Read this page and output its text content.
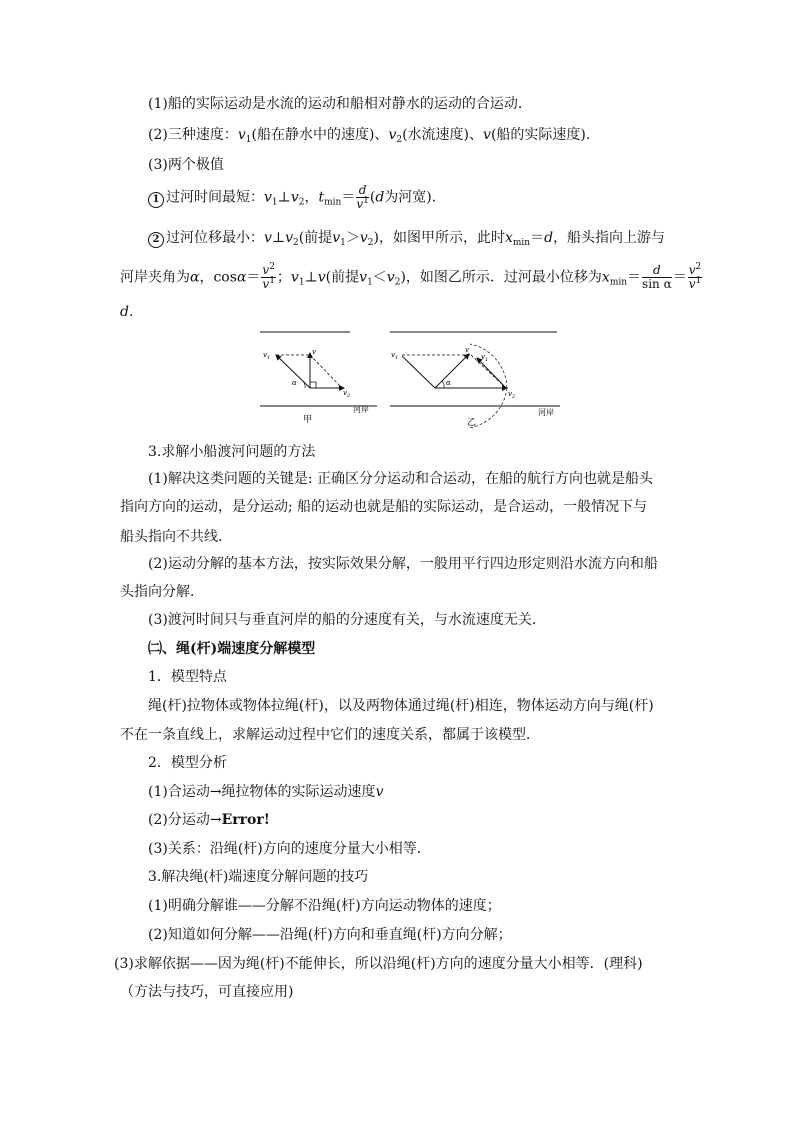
(1)船的实际运动是水流的运动和船相对静水的运动的合运动．
(2)三种速度：$v_1$(船在静水中的速度)、$v_2$(水流速度)、v(船的实际速度)．
(3)两个极值
1 过河时间最短：$v_1\perp v_2$，$t_{min}= \frac{d}{v^1} (d$为河宽)．
2 过河位移最小：$v\perp v_2$(前提$v_1>v_2$)，如图甲所示，此时$x_{min}=d$，船头指向上游与
河岸夹角为α，$\cos\alpha= \frac{v^2}{v^1}$ ；$v_1\perp v$(前提$v_1<v_2$)，如图乙所示．过河最小位移为$x_{min}= \frac{d}{\text{sin α}} = \frac{v^2}{v^1}$
d.
$v_1$
v
α
$v_2$
河岸
甲
$v_1$
v
$v_1$
α
$v_2$
河岸
乙
3.求解小船渡河问题的方法
(1)解决这类问题的关键是: 正确区分分运动和合运动，在船的航行方向也就是船头
指向方向的运动，是分运动; 船的运动也就是船的实际运动，是合运动，一般情况下与
船头指向不共线．
(2)运动分解的基本方法，按实际效果分解，一般用平行四边形定则沿水流方向和船
头指向分解．
(3)渡河时间只与垂直河岸的船的分速度有关，与水流速度无关．
㈡、绳(杆)端速度分解模型
1．模型特点
绳(杆)拉物体或物体拉绳(杆)，以及两物体通过绳(杆)相连，物体运动方向与绳(杆)
不在一条直线上，求解运动过程中它们的速度关系，都属于该模型．
2．模型分析
(1)合运动→绳拉物体的实际运动速度v
(2)分运动→Error!
(3)关系：沿绳(杆)方向的速度分量大小相等．
3.解决绳(杆)端速度分解问题的技巧
(1)明确分解谁——分解不沿绳(杆)方向运动物体的速度；
(2)知道如何分解——沿绳(杆)方向和垂直绳(杆)方向分解；
(3)求解依据——因为绳(杆)不能伸长，所以沿绳(杆)方向的速度分量大小相等．(理科)
（方法与技巧，可直接应用)
